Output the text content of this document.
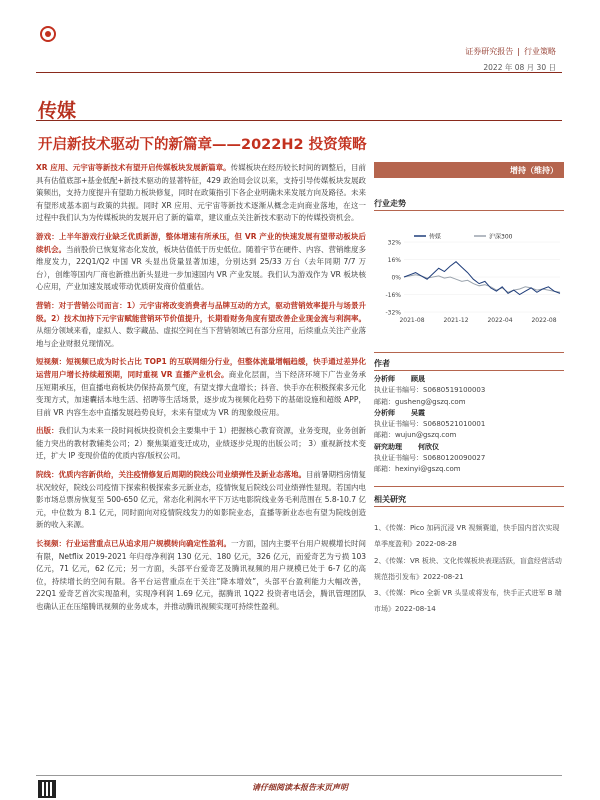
证券研究报告 | 行业策略
2022 年 08 月 30 日
传媒
开启新技术驱动下的新篇章——2022H2 投资策略

XR 应用、元宇宙等新技术有望开启传媒板块发展新篇章。传媒板块在经历较长时间的调整后，目前具有估值底部+基金低配+新技术驱动的显著特征，429 政治局会议以来，支持引导传媒板块发展政策频出，支持力度提升有望助力板块修复，同时在政策指引下各企业明确未来发展方向及路径。未来有望形成基本面与政策的共振。同时 XR 应用、元宇宙等新技术逐渐从概念走向商业落地，在这一过程中我们认为为传媒板块的发展开启了新的篇章，建议重点关注新技术驱动下的传媒投资机会。

游戏：上半年游戏行业缺乏优质新游，整体增速有所承压，但 VR 产业的快速发展有望带动板块后续机会。当前股价已恢复常态化发放，板块估值低于历史低位。随着宇节在硬件、内容、营销维度多维度发力，22Q1/Q2 中国 VR 头显出货量显著加速，分别达到 25/33 万台（去年同期 7/7 万台），创维等国内厂商也新推出新头显进一步加速国内 VR 产业发展。我们认为游戏作为 VR 板块核心应用，产业加速发展或带动优质研发商价值重估。

营销：对于营销公司而言：1）元宇宙将改变消费者与品牌互动的方式，驱动营销效率提升与场景升级。2）技术加持下元宇宙赋能营销环节价值提升，长期看财务角度有望改善企业现金流与利润率。从细分领域来看，虚拟人、数字藏品、虚拟空间在当下营销领域已有部分应用，后续重点关注产业落地与企业财报兑现情况。

短视频：短视频已成为时长占比 TOP1 的互联网细分行业，但整体流量增幅趋缓，快手通过差异化运营用户增长持续超预期，同时重视 VR 直播产业机会。商业化层面，当下经济环境下广告业务承压短期承压，但直播电商板块仍保持高景气度，有望支撑大盘增长；抖音、快手亦在积极探索多元化变现方式，加速囊括本地生活、招聘等生活场景，逐步成为视频化趋势下的基础设施和超级 APP，目前 VR 内容生态中直播发展趋势良好，未来有望成为 VR 的现象级应用。

出版：我们认为未来一段时间板块投资机会主要集中于 1）把握核心教育资源，业务变现，业务创新能力突出的教材教辅类公司；2）聚焦渠道变迁成功，业绩逐步兑现的出版公司； 3）重视新技术变迁，扩大 IP 变现价值的优质内容/版权公司。

院线：优质内容新供给，关注疫情修复后周期的院线公司业绩弹性及新业态落地。目前暑期档房情复状况较好，院线公司疫情下探索积极探索多元新业态，疫情恢复后院线公司业绩弹性显现。若国内电影市场总票房恢复至 500-650 亿元，常态化利润水平下万达电影院线业务毛利范围在 5.8-10.7 亿元，中位数为 8.1 亿元，同时面向对疫情院线发力的如影院业态，直播等新业态也有望为院线创造新的收入来源。

长视频：行业运营重点已从追求用户规模转向确定性盈利。一方面，国内主要平台用户规模增长时间有限，Netflix 2019-2021 年归母净利润 130 亿元、180 亿元，326 亿元，而爱奇艺为亏损 103 亿元，71 亿元，62 亿元；另一方面，头部平台爱奇艺及腾讯视频的用户规模已处于 6-7 亿的高位，持续增长的空间有限。各平台运营重点在于关注“降本增效”，头部平台盈利能力大幅改善，22Q1 爱奇艺首次实现盈利，实现净利润 1.69 亿元，据腾讯 1Q22 投资者电话会，腾讯管理团队也确认正在压缩腾讯视频的业务成本，并推动腾讯视频实现可持续性盈利。

增持（维持）
行业走势
32%
16%
0%
-16%
-32%
2021-08	2021-12	2022-04	2022-08
传媒	沪深300
作者
分析师 顾晟
执业证书编号：S0680519100003
邮箱：gusheng@gszq.com
分析师 吴霞
执业证书编号：S0680521010001
邮箱：wujun@gszq.com
研究助理 何欣仪
执业证书编号：S0680120090027
邮箱：hexinyi@gszq.com
相关研究
1、《传媒：Pico 加码沉浸 VR 视频赛道，快手国内首次实现单季度盈利》2022-08-28
2、《传媒：VR 板块、文化传媒板块表现活跃，盲盒经营活动规范指引发布》2022-08-21
3、《传媒：Pico 全新 VR 头显或将发布，快手正式进军 B 端市场》2022-08-14
请仔细阅读本报告末页声明
